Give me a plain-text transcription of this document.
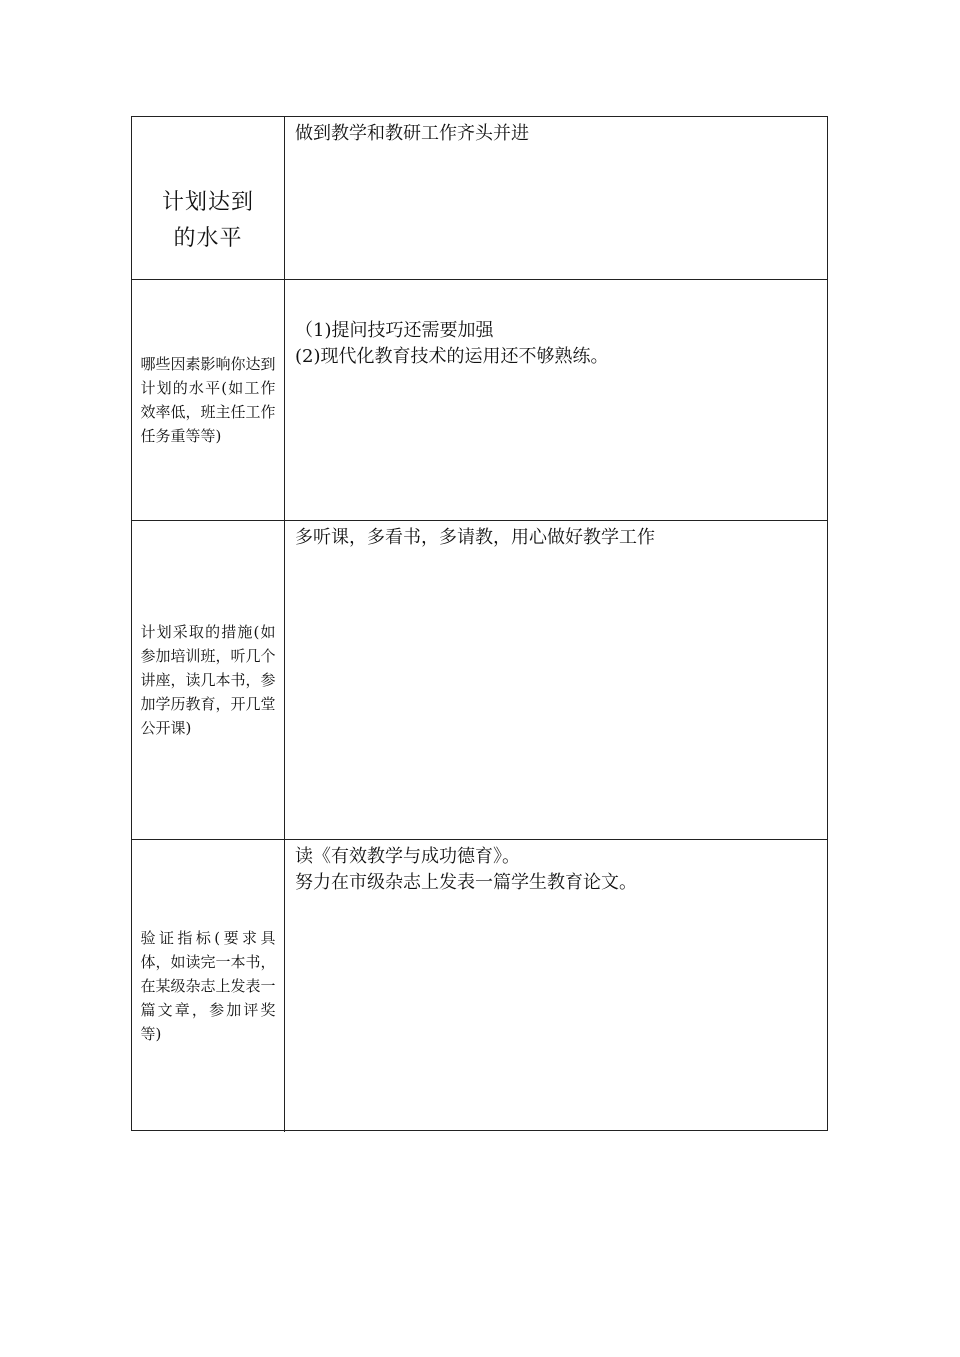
计划达到
的水平

做到教学和教研工作齐头并进

哪些因素影响你达到计划的水平(如工作效率低，班主任工作任务重等等)

（1)提问技巧还需要加强

(2)现代化教育技术的运用还不够熟练。

计划采取的措施(如参加培训班，听几个讲座，读几本书，参加学历教育，开几堂公开课)

多听课，多看书，多请教，用心做好教学工作

验证指标(要求具体，如读完一本书，在某级杂志上发表一篇文章，参加评奖等)

读《有效教学与成功德育》。

努力在市级杂志上发表一篇学生教育论文。
